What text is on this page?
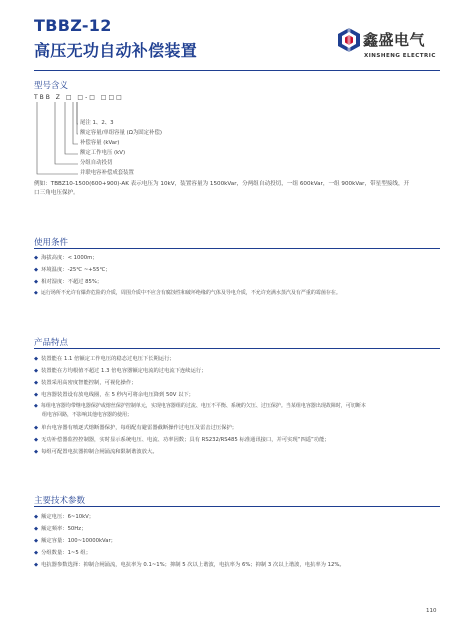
TBBZ-12
高压无功自动补偿装置
鑫盛电气
XINSHENG ELECTRIC
型号含义
TBB Z □ □-□ □□□
尾注 1、2、3
额定容量/单组容量 (Ω为固定补偿)
补偿容量 (kVar)
额定工作电压 (kV)
分组自动投切
并联电容补偿成套装置
例如：TBBZ10-1500(600+900)-AK 表示电压为 10kV，装置容量为 1500kVar，分两组自动投切，一组 600kVar，一组 900kVar，带星型接线，开
口三角电压保护。
使用条件
◆ 海拔高度：< 1000m；
◆ 环境温度：-25℃ ~+55℃；
◆ 相对湿度：不超过 85%；
◆ 运行场所不允许有爆炸危险的介质，周围介质中不应含有腐蚀性和破坏绝缘的气体及导电介质，不允许充满水蒸汽及有严重的霉菌存在。
产品特点
◆ 装置能在 1.1 倍额定工作电压的稳态过电压下长期运行；
◆ 装置能在方均根值不超过 1.3 倍电容器额定电流的过电流下连续运行；
◆ 装置采用高密度智能控制，可视化操作；
◆ 电容器装置设有放电线圈，在 5 秒内可将余电压降到 50V 以下；
◆ 每组电容器均带继电器保护或熔丝保护控制单元，实现电容器组的过流、电压不平衡、系统的欠压、过压保护。当某组电容器出现故障时，可切断本
组电容回路，不影响其他电容器的使用；
◆ 单台电容器有喷逐式熔断器保护，每组配有避雷器截断操作过电压及雷击过压保护；
◆ 无功补偿器监控控制器，实时显示系统电压、电流、功率因数；具有 RS232/RS485 标准通讯接口，并可实现“四遥”功能；
◆ 每组可配置电抗器抑制合闸涌流和限制谐波放大。
主要技术参数
◆ 额定电压：6~10kV；
◆ 额定频率：50Hz；
◆ 额定容量：100~10000kVar；
◆ 分组数量：1~5 组；
◆ 电抗器参数选择：抑制合闸涌流，电抗率为 0.1~1%；抑制 5 次以上谐波，电抗率为 6%；抑制 3 次以上谐波，电抗率为 12%。
110
